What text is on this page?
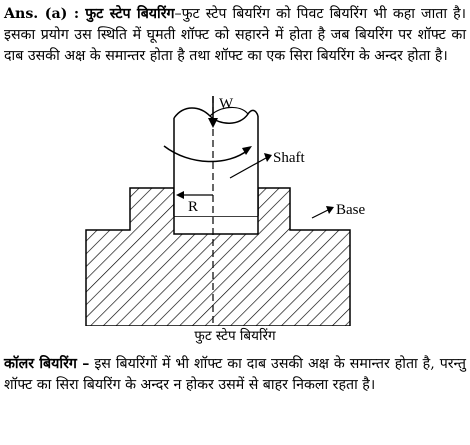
Ans. (a) : फुट स्टेप बियरिंग–फुट स्टेप बियरिंग को पिवट बियरिंग भी कहा जाता है। इसका प्रयोग उस स्थिति में घूमती शॉफ्ट को सहारने में होता है जब बियरिंग पर शॉफ्ट का दाब उसकी अक्ष के समान्तर होता है तथा शॉफ्ट का एक सिरा बियरिंग के अन्दर होता है।

W
R
Shaft
Base
फुट स्टेप बियरिंग

कॉलर बियरिंग – इस बियरिंगों में भी शॉफ्ट का दाब उसकी अक्ष के समान्तर होता है, परन्तु शॉफ्ट का सिरा बियरिंग के अन्दर न होकर उसमें से बाहर निकला रहता है।
